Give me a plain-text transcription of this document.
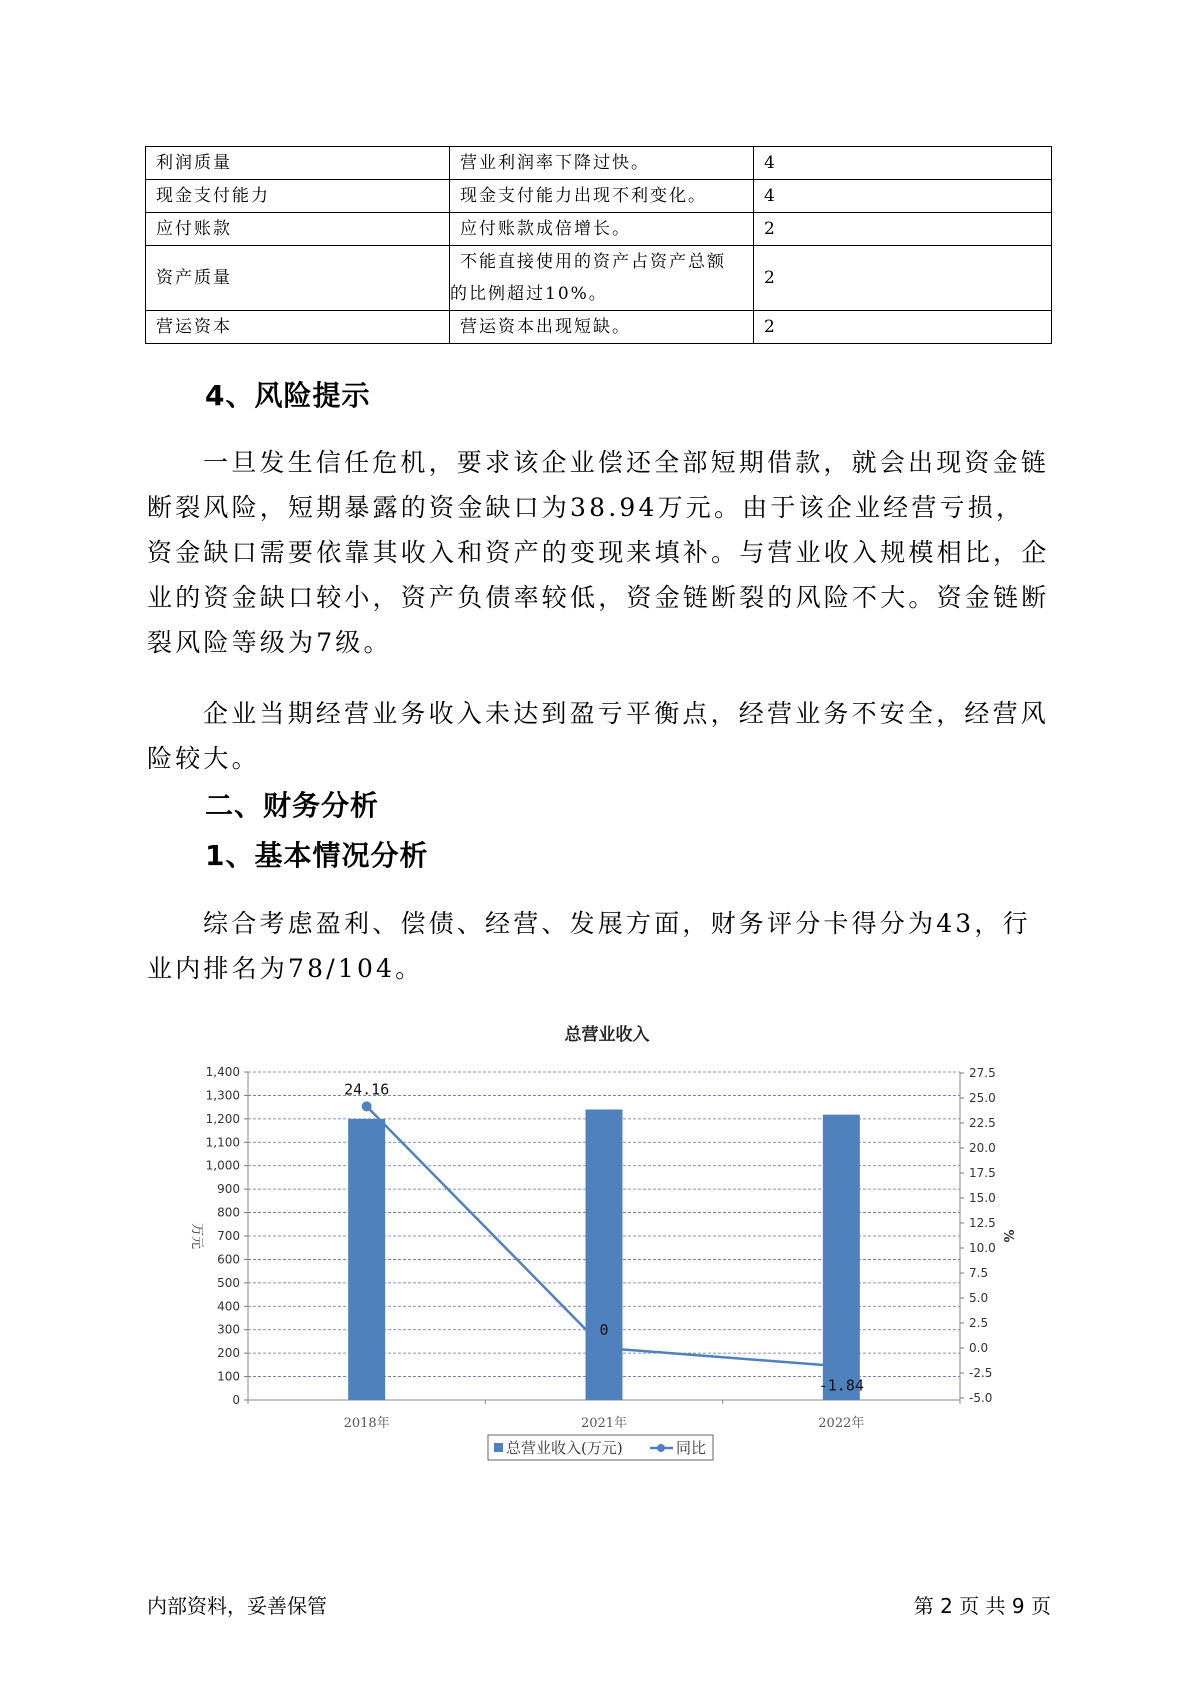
利润质量	营业利润率下降过快。	4
现金支付能力	现金支付能力出现不利变化。	4
应付账款	应付账款成倍增长。	2
资产质量	不能直接使用的资产占资产总额的比例超过10%。	2
营运资本	营运资本出现短缺。	2
4、风险提示

一旦发生信任危机，要求该企业偿还全部短期借款，就会出现资金链断裂风险，短期暴露的资金缺口为38.94万元。由于该企业经营亏损，资金缺口需要依靠其收入和资产的变现来填补。与营业收入规模相比，企业的资金缺口较小，资产负债率较低，资金链断裂的风险不大。资金链断裂风险等级为7级。

企业当期经营业务收入未达到盈亏平衡点，经营业务不安全，经营风险较大。

二、财务分析
1、基本情况分析

综合考虑盈利、偿债、经营、发展方面，财务评分卡得分为43，行业内排名为78/104。

总营业收入
0
100
200
300
400
500
600
700
800
900
1,000
1,100
1,200
1,300
1,400
-5.0
-2.5
0.0
2.5
5.0
7.5
10.0
12.5
15.0
17.5
20.0
22.5
25.0
27.5
万元	%
2018年	2021年	2022年
24.16
0
-1.84
总营业收入(万元)	同比
内部资料，妥善保管	第 2 页 共 9 页
